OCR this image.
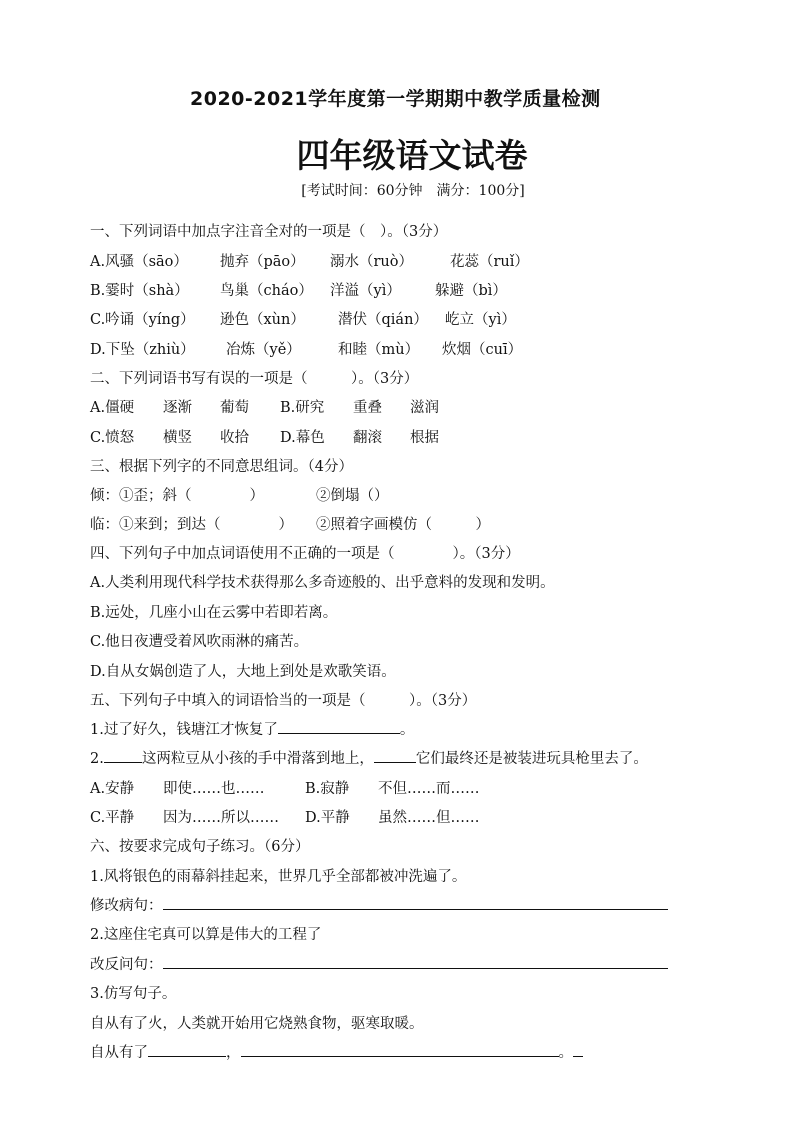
2020-2021学年度第一学期期中教学质量检测
四年级语文试卷
[考试时间：60分钟　满分：100分]
一、下列词语中加点字注音全对的一项是（　）。（3分）
A.风骚（sāo） 抛弃（pāo） 溺水（ruò）	花蕊（ruǐ）
B.霎时（shà） 鸟巢（cháo） 洋溢（yì） 躲避（bì）
C.吟诵（yíng） 逊色（xùn） 潜伏（qián） 屹立（yì）
D.下坠（zhiù） 冶炼（yě）	和睦（mù） 炊烟（cuī）
二、下列词语书写有误的一项是（　　　）。（3分）
A.僵硬 逐渐 葡萄 B.研究 重叠 滋润
C.愤怒 横竖 收拾 D.幕色 翻滚 根据
三、根据下列字的不同意思组词。（4分）
倾：①歪；斜（　　　　）	②倒塌（）
临：①来到；到达（　　　　） ②照着字画模仿（　　　）
四、下列句子中加点词语使用不正确的一项是（　　　　）。（3分）
A.人类利用现代科学技术获得那么多奇迹般的、出乎意料的发现和发明。
B.远处，几座小山在云雾中若即若离。
C.他日夜遭受着风吹雨淋的痛苦。
D.自从女娲创造了人，大地上到处是欢歌笑语。
五、下列句子中填入的词语恰当的一项是（　　　）。（3分）
1.过了好久，钱塘江才恢复了	。
2.	这两粒豆从小孩的手中滑落到地上，	它们最终还是被装进玩具枪里去了。
A.安静 即使……也……	B.寂静 不但……而……
C.平静 因为……所以…… D.平静 虽然……但……
六、按要求完成句子练习。（6分）
1.风将银色的雨幕斜挂起来，世界几乎全部都被冲洗遍了。
修改病句：
2.这座住宅真可以算是伟大的工程了
改反问句：
3.仿写句子。
自从有了火，人类就开始用它烧熟食物，驱寒取暖。
自从有了	，	。
